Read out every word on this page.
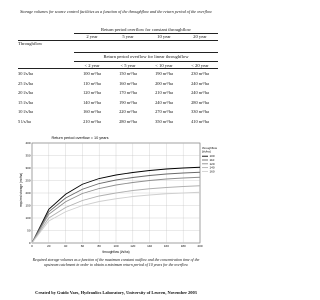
Storage volumes for source control facilities as a function of the throughflow and the return period of the overflow
Return period overflow for constant throughflow
2 year	5 year	10 year	20 year
Throughflow
Return period overflow for linear throughflow
< 2 year	< 5 year	< 10 year	< 20 year
30 l/s/ha	100 m³/ha	150 m³/ha	190 m³/ha	230 m³/ha
25 l/s/ha	110 m³/ha	160 m³/ha	200 m³/ha	240 m³/ha
20 l/s/ha	120 m³/ha	170 m³/ha	210 m³/ha	240 m³/ha
15 l/s/ha	140 m³/ha	190 m³/ha	240 m³/ha	280 m³/ha
10 l/s/ha	160 m³/ha	220 m³/ha	270 m³/ha	330 m³/ha
5 l/s/ha	210 m³/ha	280 m³/ha	350 m³/ha	410 m³/ha
0
50
100
150
200
250
300
350
400
0	20	40	60	80	100	120	140	160	180	200
Return period overflow = 10 years
required storage (m³/ha)
throughflow (l/s/ha)
throughflow
[l/s/ha]
100
110
120
140
160
Required storage volumes as a function of the maximum constant outflow and the concentration time of the upstream catchment in order to obtain a minimum return period of 10 years for the overflow
Created by Guido Vaes, Hydraulics Laboratory, University of Leuven, November 2003
